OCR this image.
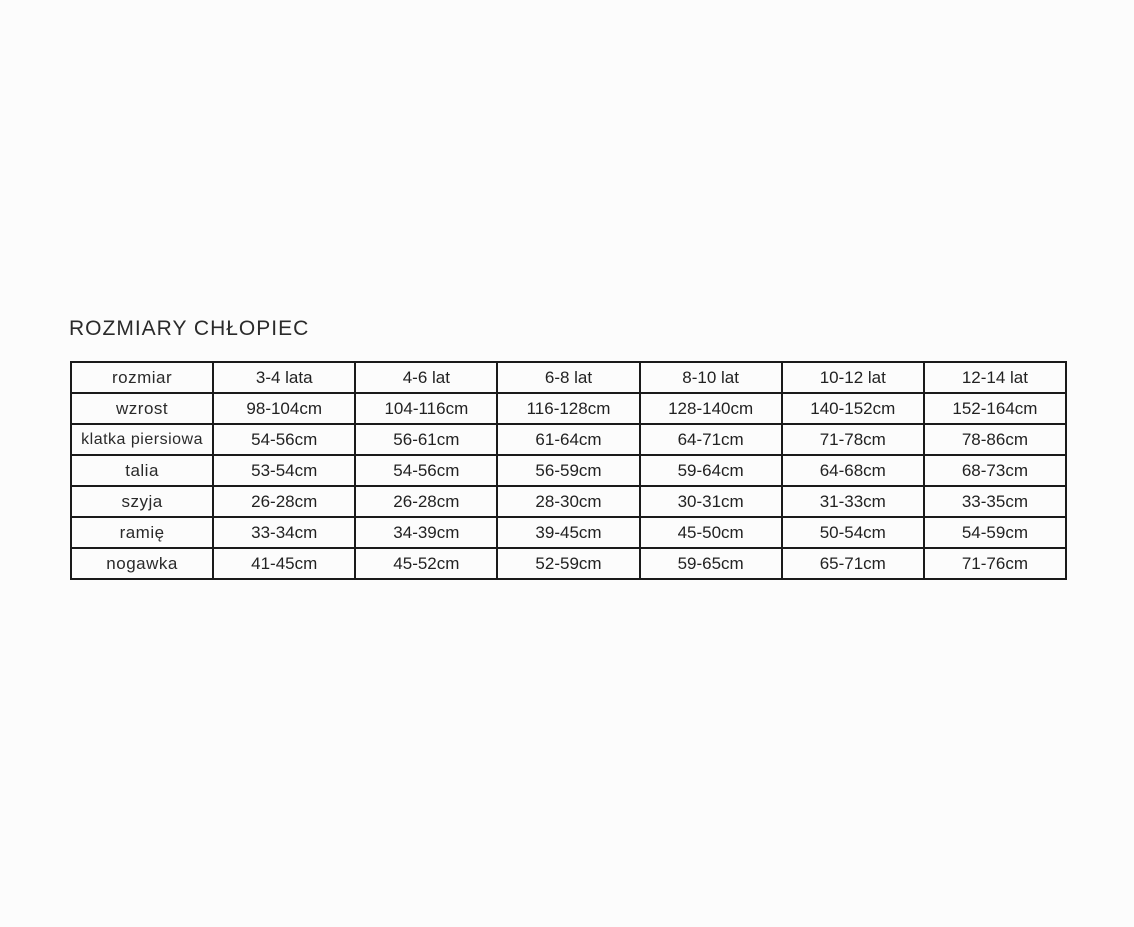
ROZMIARY CHŁOPIEC
rozmiar	3-4 lata	4-6 lat	6-8 lat	8-10 lat	10-12 lat	12-14 lat
wzrost	98-104cm	104-116cm	116-128cm	128-140cm	140-152cm	152-164cm
klatka piersiowa	54-56cm	56-61cm	61-64cm	64-71cm	71-78cm	78-86cm
talia	53-54cm	54-56cm	56-59cm	59-64cm	64-68cm	68-73cm
szyja	26-28cm	26-28cm	28-30cm	30-31cm	31-33cm	33-35cm
ramię	33-34cm	34-39cm	39-45cm	45-50cm	50-54cm	54-59cm
nogawka	41-45cm	45-52cm	52-59cm	59-65cm	65-71cm	71-76cm
